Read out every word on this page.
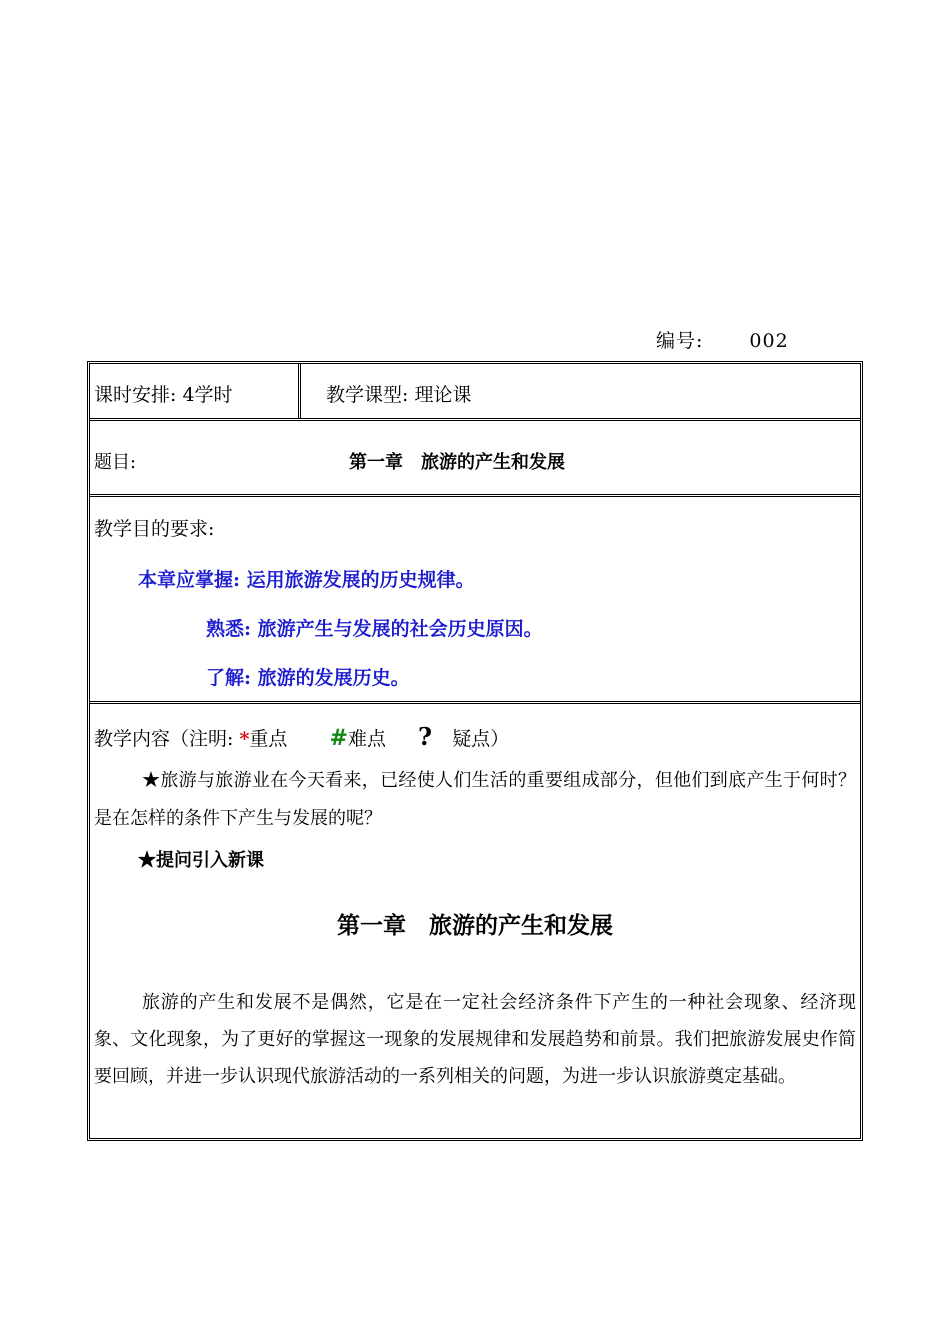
编号: 002
课时安排: 4学时	教学课型: 理论课
题目:	第一章　旅游的产生和发展
教学目的要求:
本章应掌握: 运用旅游发展的历史规律。
熟悉: 旅游产生与发展的社会历史原因。
了解: 旅游的发展历史。
教学内容（注明: *重点 #难点 ? 疑点）
★旅游与旅游业在今天看来，已经使人们生活的重要组成部分，但他们到底产生于何时？是在怎样的条件下产生与发展的呢？
★提问引入新课
第一章　旅游的产生和发展
旅游的产生和发展不是偶然，它是在一定社会经济条件下产生的一种社会现象、经济现象、文化现象，为了更好的掌握这一现象的发展规律和发展趋势和前景。我们把旅游发展史作简要回顾，并进一步认识现代旅游活动的一系列相关的问题，为进一步认识旅游奠定基础。
